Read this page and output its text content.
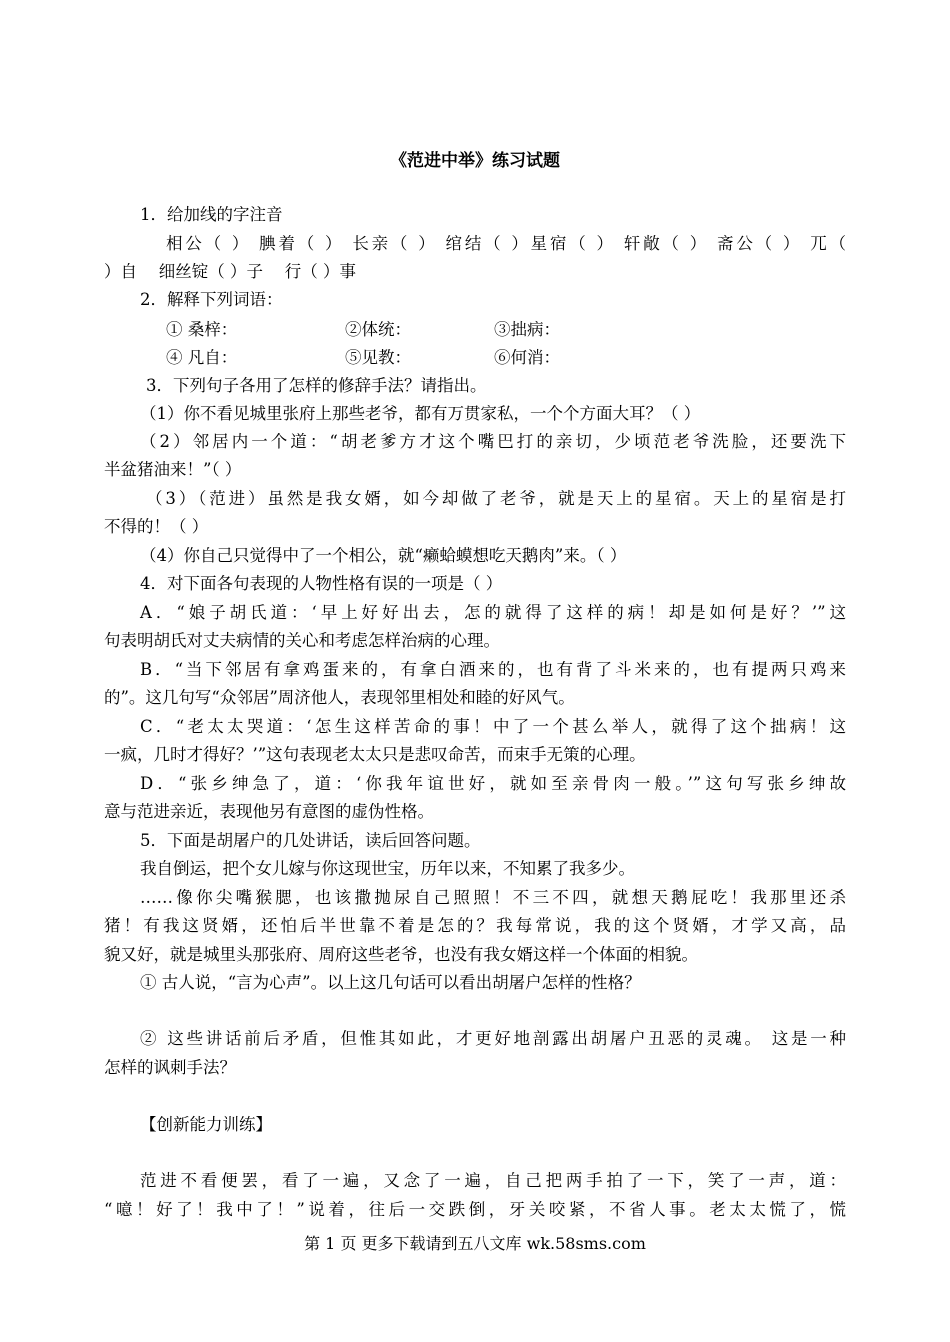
《范进中举》练习试题
1．给加线的字注音
相公（ ） 腆着（ ） 长亲（ ） 绾结（ ）星宿（ ） 轩敞（ ） 斋公（ ） 兀（
）自　 细丝锭（ ）子　 行（ ）事
2．解释下列词语：
① 桑梓：	②体统：	③拙病：
④ 凡自：	⑤见教：	⑥何消：
3．下列句子各用了怎样的修辞手法？请指出。
（1）你不看见城里张府上那些老爷，都有万贯家私，一个个方面大耳？（ ）
（2）邻居内一个道：“胡老爹方才这个嘴巴打的亲切，少顷范老爷洗脸，还要洗下
半盆猪油来！”（ ）
（3）（范进）虽然是我女婿，如今却做了老爷，就是天上的星宿。天上的星宿是打
不得的！（ ）
（4）你自己只觉得中了一个相公，就“癞蛤蟆想吃天鹅肉”来。（ ）
4．对下面各句表现的人物性格有误的一项是（ ）
A．“娘子胡氏道：‘早上好好出去，怎的就得了这样的病！却是如何是好？’”这
句表明胡氏对丈夫病情的关心和考虑怎样治病的心理。
B．“当下邻居有拿鸡蛋来的，有拿白酒来的，也有背了斗米来的，也有提两只鸡来
的”。这几句写“众邻居”周济他人，表现邻里相处和睦的好风气。
C．“老太太哭道：‘怎生这样苦命的事！中了一个甚么举人，就得了这个拙病！这
一疯，几时才得好？’”这句表现老太太只是悲叹命苦，而束手无策的心理。
D．“张乡绅急了，道：‘你我年谊世好，就如至亲骨肉一般。’”这句写张乡绅故
意与范进亲近，表现他另有意图的虚伪性格。
5．下面是胡屠户的几处讲话，读后回答问题。
我自倒运，把个女儿嫁与你这现世宝，历年以来，不知累了我多少。
……像你尖嘴猴腮，也该撒抛尿自己照照！不三不四，就想天鹅屁吃！我那里还杀
猪！有我这贤婿，还怕后半世靠不着是怎的？我每常说，我的这个贤婿，才学又高，品
貌又好，就是城里头那张府、周府这些老爷，也没有我女婿这样一个体面的相貌。
① 古人说，“言为心声”。以上这几句话可以看出胡屠户怎样的性格？
② 这些讲话前后矛盾，但惟其如此，才更好地剖露出胡屠户丑恶的灵魂。 这是一种
怎样的讽刺手法？
【创新能力训练】
范进不看便罢，看了一遍，又念了一遍，自己把两手拍了一下，笑了一声，道：
“噫！好了！我中了！”说着，往后一交跌倒，牙关咬紧，不省人事。老太太慌了，慌
第 1 页 更多下载请到五八文库 wk.58sms.com
